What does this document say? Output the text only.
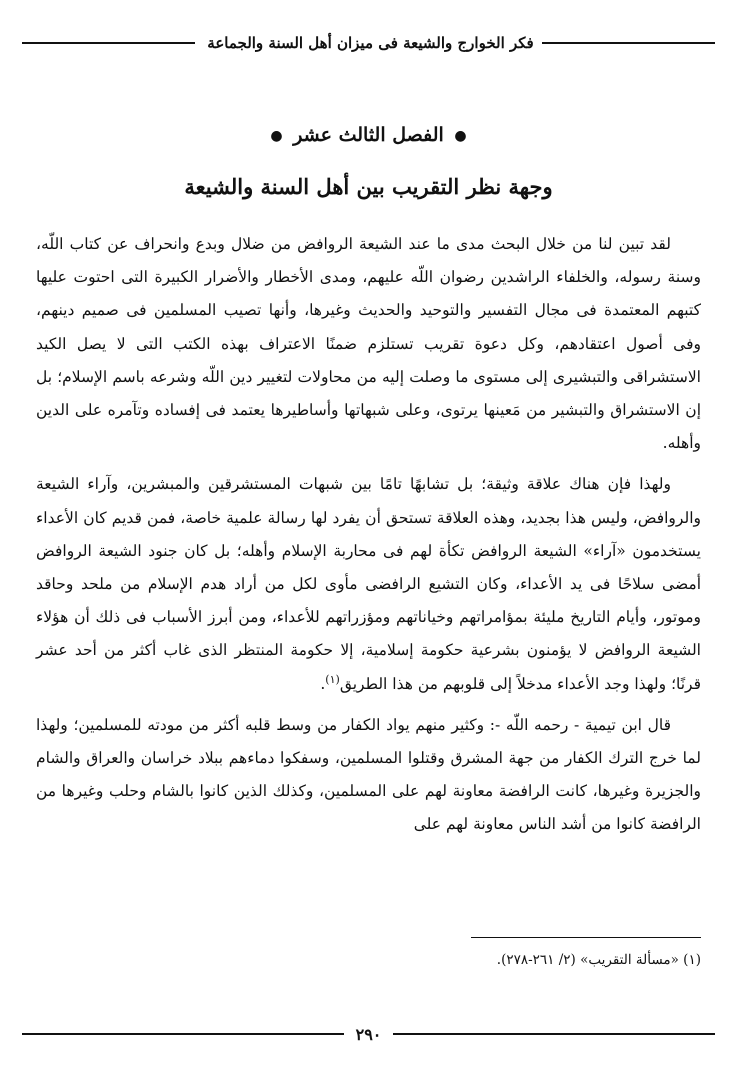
فكر الخوارج والشيعة فى ميزان أهل السنة والجماعة
● الفصل الثالث عشر ●
وجهة نظر التقريب بين أهل السنة والشيعة

لقد تبين لنا من خلال البحث مدى ما عند الشيعة الروافض من ضلال وبدع وانحراف عن كتاب اللّه، وسنة رسوله، والخلفاء الراشدين رضوان اللّه عليهم، ومدى الأخطار والأضرار الكبيرة التى احتوت عليها كتبهم المعتمدة فى مجال التفسير والتوحيد والحديث وغيرها، وأنها تصيب المسلمين فى صميم دينهم، وفى أصول اعتقادهم، وكل دعوة تقريب تستلزم ضمنًا الاعتراف بهذه الكتب التى لا يصل الكيد الاستشراقى والتبشيرى إلى مستوى ما وصلت إليه من محاولات لتغيير دين اللّه وشرعه باسم الإسلام؛ بل إن الاستشراق والتبشير من مَعينها يرتوى، وعلى شبهاتها وأساطيرها يعتمد فى إفساده وتآمره على الدين وأهله.

ولهذا فإن هناك علاقة وثيقة؛ بل تشابهًا تامًا بين شبهات المستشرقين والمبشرين، وآراء الشيعة والروافض، وليس هذا بجديد، وهذه العلاقة تستحق أن يفرد لها رسالة علمية خاصة، فمن قديم كان الأعداء يستخدمون «آراء» الشيعة الروافض تكأة لهم فى محاربة الإسلام وأهله؛ بل كان جنود الشيعة الروافض أمضى سلاحًا فى يد الأعداء، وكان التشيع الرافضى مأوى لكل من أراد هدم الإسلام من ملحد وحاقد وموتور، وأيام التاريخ مليئة بمؤامراتهم وخياناتهم ومؤزراتهم للأعداء، ومن أبرز الأسباب فى ذلك أن هؤلاء الشيعة الروافض لا يؤمنون بشرعية حكومة إسلامية، إلا حكومة المنتظر الذى غاب أكثر من أحد عشر قرنًا؛ ولهذا وجد الأعداء مدخلاً إلى قلوبهم من هذا الطريق$^{(١)}$.

قال ابن تيمية - رحمه اللّه -: وكثير منهم يواد الكفار من وسط قلبه أكثر من مودته للمسلمين؛ ولهذا لما خرج الترك الكفار من جهة المشرق وقتلوا المسلمين، وسفكوا دماءهم ببلاد خراسان والعراق والشام والجزيرة وغيرها، كانت الرافضة معاونة لهم على المسلمين، وكذلك الذين كانوا بالشام وحلب وغيرها من الرافضة كانوا من أشد الناس معاونة لهم على

(١) «مسألة التقريب» (٢/ ٢٦١-٢٧٨).
٢٩٠
